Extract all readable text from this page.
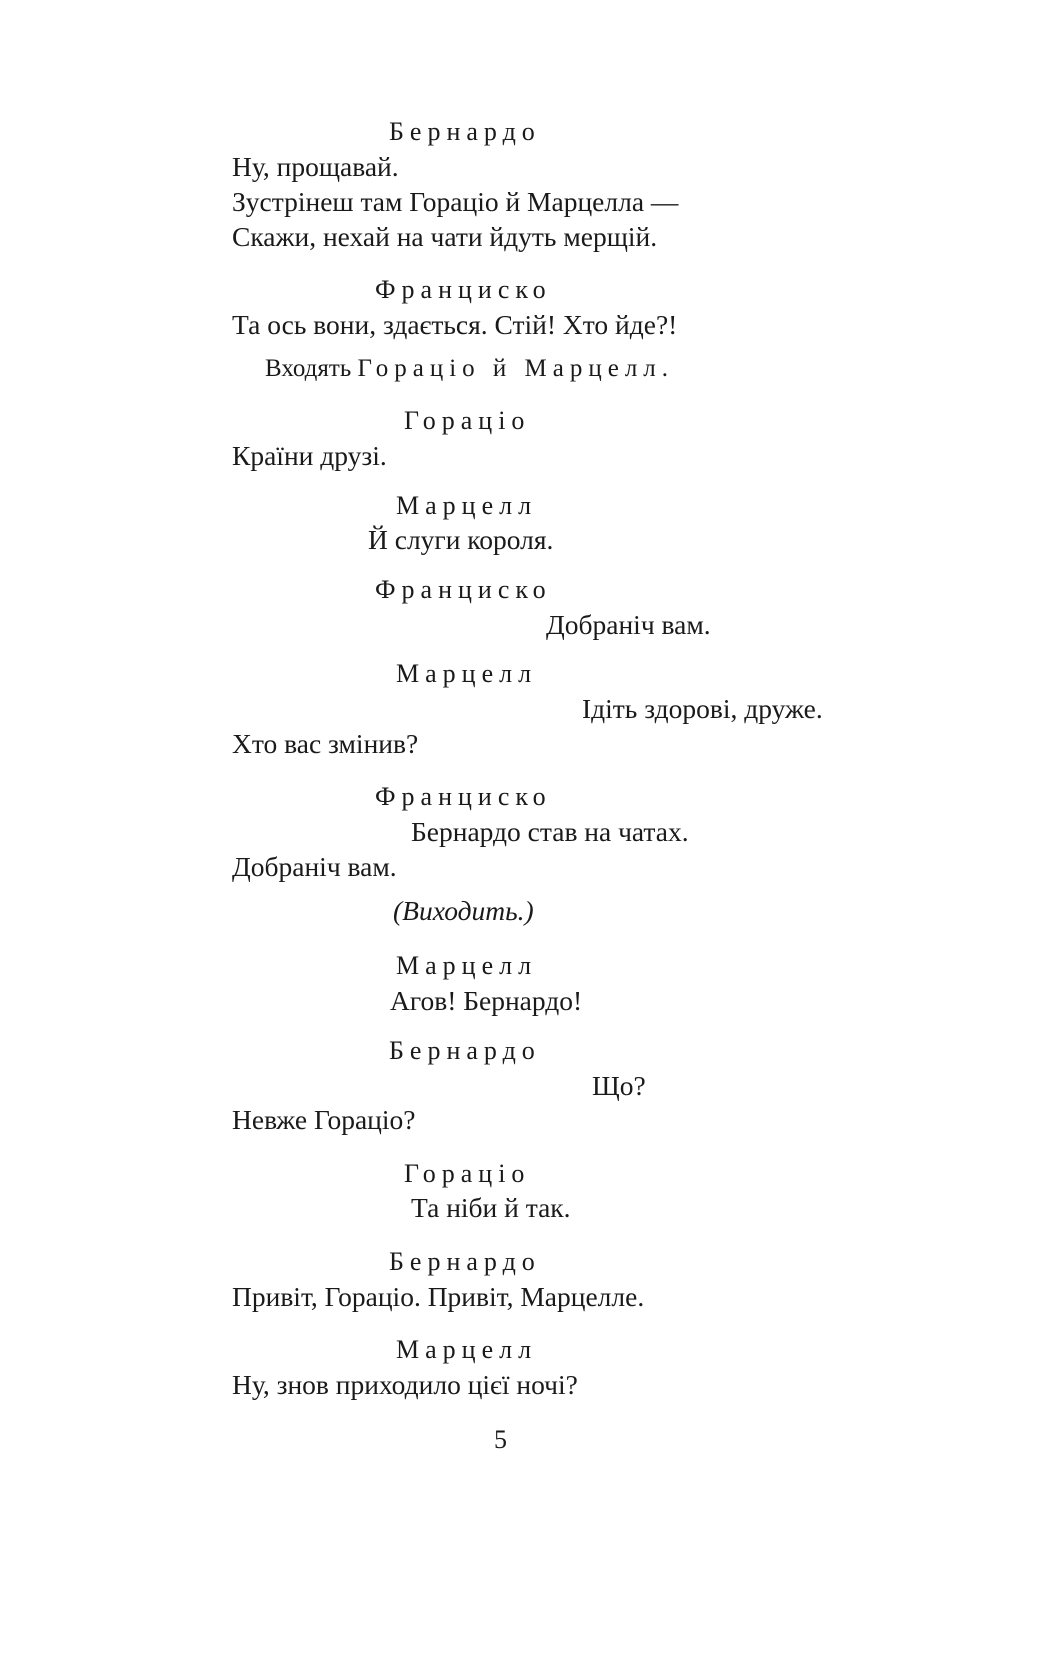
Бернардо
Ну, прощавай.
Зустрінеш там Горацio й Марцелла —
Скажи, нехай на чати йдуть мерщій.
Франциско
Та ось вони, здається. Стій! Хто йде?!
Входять Гораціо й Марцелл.
Гораціо
Країни друзі.
Марцелл
Й слуги короля.
Франциско
Добраніч вам.
Марцелл
Ідіть здорові, друже.
Хто вас змінив?
Франциско
Бернардо став на чатах.
Добраніч вам.
(Виходить.)
Марцелл
Агов! Бернардо!
Бернардо
Що?
Невже Гораціо?
Гораціо
Та ніби й так.
Бернардо
Привіт, Гораціо. Привіт, Марцелле.
Марцелл
Ну, знов приходило цієї ночі?
5
